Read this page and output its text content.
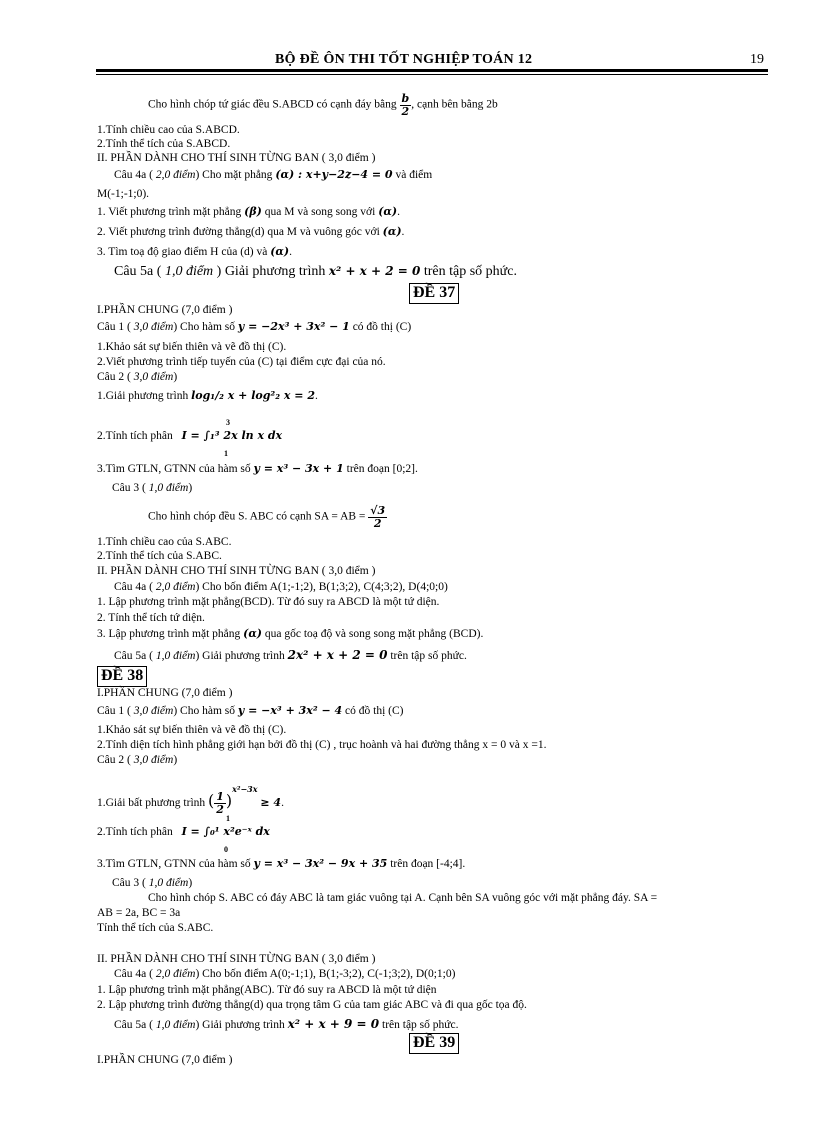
BỘ ĐỀ ÔN THI TỐT NGHIỆP TOÁN 12	19
Cho hình chóp tứ giác đều S.ABCD có cạnh đáy bằng $\frac{b}{2}$ , cạnh bên bằng 2b
1.Tính chiều cao của S.ABCD.
2.Tính thể tích của S.ABCD.
II. PHẦN DÀNH CHO THÍ SINH TỪNG BAN ( 3,0 điểm )
Câu 4a ( 2,0 điểm) Cho mặt phẳng (α) : x+y−2z−4 = 0 và điểm
M(-1;-1;0).
1. Viết phương trình mặt phẳng (β) qua M và song song với (α).
2. Viết phương trình đường thẳng(d) qua M và vuông góc với (α).
3. Tìm toạ độ giao điểm H của (d) và (α).
Câu 5a ( 1,0 điểm ) Giải phương trình x² + x + 2 = 0 trên tập số phức.
ĐỀ 37
I.PHẦN CHUNG (7,0 điểm )
Câu 1 ( 3,0 điểm) Cho hàm số y = −2x³ + 3x² − 1 có đồ thị (C)
1.Khảo sát sự biến thiên và vẽ đồ thị (C).
2.Viết phương trình tiếp tuyến của (C) tại điểm cực đại của nó.
Câu 2 ( 3,0 điểm)
1.Giải phương trình log₁/₂ x + log²₂ x = 2.
2.Tính tích phân I = ∫₁³ 2x ln x dx
3
1
3.Tìm GTLN, GTNN của hàm số y = x³ − 3x + 1 trên đoạn [0;2].
Câu 3 ( 1,0 điểm)
Cho hình chóp đều S. ABC có cạnh SA = AB = $\frac{√3}{2}$
1.Tính chiều cao của S.ABC.
2.Tính thể tích của S.ABC.
II. PHẦN DÀNH CHO THÍ SINH TỪNG BAN ( 3,0 điểm )
Câu 4a ( 2,0 điểm) Cho bốn điểm A(1;-1;2), B(1;3;2), C(4;3;2), D(4;0;0)
1. Lập phương trình mặt phẳng(BCD). Từ đó suy ra ABCD là một tứ diện.
2. Tính thể tích tứ diện.
3. Lập phương trình mặt phẳng (α) qua gốc toạ độ và song song mặt phẳng (BCD).
Câu 5a ( 1,0 điểm) Giải phương trình 2x² + x + 2 = 0 trên tập số phức.
ĐỀ 38
I.PHẦN CHUNG (7,0 điểm )
Câu 1 ( 3,0 điểm) Cho hàm số y = −x³ + 3x² − 4 có đồ thị (C)
1.Khảo sát sự biến thiên và vẽ đồ thị (C).
2.Tính diện tích hình phẳng giới hạn bởi đồ thị (C) , trục hoành và hai đường thẳng x = 0 và x =1.
Câu 2 ( 3,0 điểm)
1.Giải bất phương trình ( $\frac{1}{2} )^{x^2-3x} \ge 4$.
2.Tính tích phân I = ∫₀¹ x²e⁻ˣ dx
1
0
3.Tìm GTLN, GTNN của hàm số y = x³ − 3x² − 9x + 35 trên đoạn [-4;4].
Câu 3 ( 1,0 điểm)
Cho hình chóp S. ABC có đáy ABC là tam giác vuông tại A. Cạnh bên SA vuông góc với mặt phẳng đáy. SA =
AB = 2a, BC = 3a
Tính thể tích của S.ABC.
II. PHẦN DÀNH CHO THÍ SINH TỪNG BAN ( 3,0 điểm )
Câu 4a ( 2,0 điểm) Cho bốn điểm A(0;-1;1), B(1;-3;2), C(-1;3;2), D(0;1;0)
1. Lập phương trình mặt phẳng(ABC). Từ đó suy ra ABCD là một tứ diện
2. Lập phương trình đường thẳng(d) qua trọng tâm G của tam giác ABC và đi qua gốc tọa độ.
Câu 5a ( 1,0 điểm) Giải phương trình x² + x + 9 = 0 trên tập số phức.
ĐỀ 39
I.PHẦN CHUNG (7,0 điểm )
